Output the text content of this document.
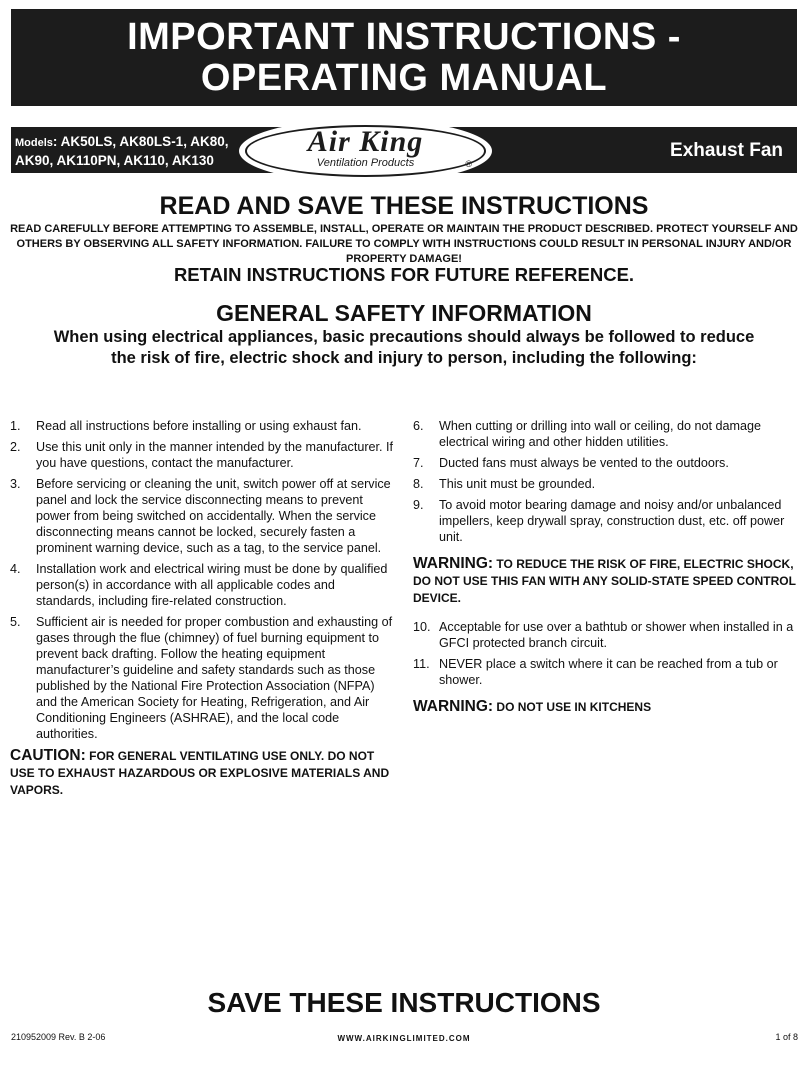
IMPORTANT INSTRUCTIONS -
OPERATING MANUAL
Models: AK50LS, AK80LS-1, AK80,
AK90, AK110PN, AK110, AK130	Exhaust Fan
Air King
Ventilation Products	®
READ AND SAVE THESE INSTRUCTIONS
READ CAREFULLY BEFORE ATTEMPTING TO ASSEMBLE, INSTALL, OPERATE OR MAINTAIN THE PRODUCT DESCRIBED. PROTECT YOURSELF AND OTHERS BY OBSERVING ALL SAFETY INFORMATION. FAILURE TO COMPLY WITH INSTRUCTIONS COULD RESULT IN PERSONAL INJURY AND/OR PROPERTY DAMAGE!
RETAIN INSTRUCTIONS FOR FUTURE REFERENCE.
GENERAL SAFETY INFORMATION
When using electrical appliances, basic precautions should always be followed to reduce the risk of fire, electric shock and injury to person, including the following:
1. Read all instructions before installing or using exhaust fan.
2. Use this unit only in the manner intended by the manufacturer. If you have questions, contact the manufacturer.
3. Before servicing or cleaning the unit, switch power off at service panel and lock the service disconnecting means to prevent power from being switched on accidentally. When the service disconnecting means cannot be locked, securely fasten a prominent warning device, such as a tag, to the service panel.
4. Installation work and electrical wiring must be done by qualified person(s) in accordance with all applicable codes and standards, including fire-related construction.
5. Sufficient air is needed for proper combustion and exhausting of gases through the flue (chimney) of fuel burning equipment to prevent back drafting. Follow the heating equipment manufacturer’s guideline and safety standards such as those published by the National Fire Protection Association (NFPA) and the American Society for Heating, Refrigeration, and Air Conditioning Engineers (ASHRAE), and the local code authorities.
CAUTION: FOR GENERAL VENTILATING USE ONLY. DO NOT USE TO EXHAUST HAZARDOUS OR EXPLOSIVE MATERIALS AND VAPORS.
6. When cutting or drilling into wall or ceiling, do not damage electrical wiring and other hidden utilities.
7. Ducted fans must always be vented to the outdoors.
8. This unit must be grounded.
9. To avoid motor bearing damage and noisy and/or unbalanced impellers, keep drywall spray, construction dust, etc. off power unit.
WARNING: TO REDUCE THE RISK OF FIRE, ELECTRIC SHOCK, DO NOT USE THIS FAN WITH ANY SOLID-STATE SPEED CONTROL DEVICE.
10. Acceptable for use over a bathtub or shower when installed in a GFCI protected branch circuit.
11. NEVER place a switch where it can be reached from a tub or shower.
WARNING: DO NOT USE IN KITCHENS
SAVE THESE INSTRUCTIONS
210952009 Rev. B 2-06	WWW.AIRKINGLIMITED.COM	1 of 8
